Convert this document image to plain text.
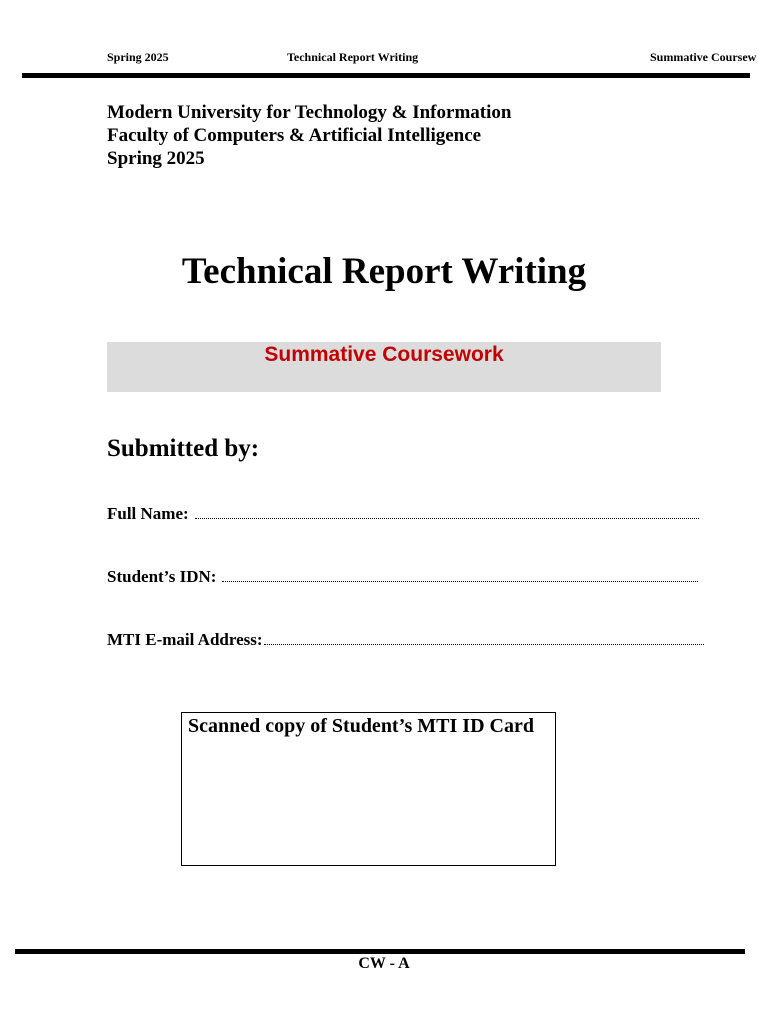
Spring 2025	Technical Report Writing	Summative Coursew
Modern University for Technology & Information
Faculty of Computers & Artificial Intelligence
Spring 2025
Technical Report Writing
Summative Coursework
Submitted by:
Full Name:
Student’s IDN:
MTI E-mail Address:
Scanned copy of Student’s MTI ID Card
CW - A
